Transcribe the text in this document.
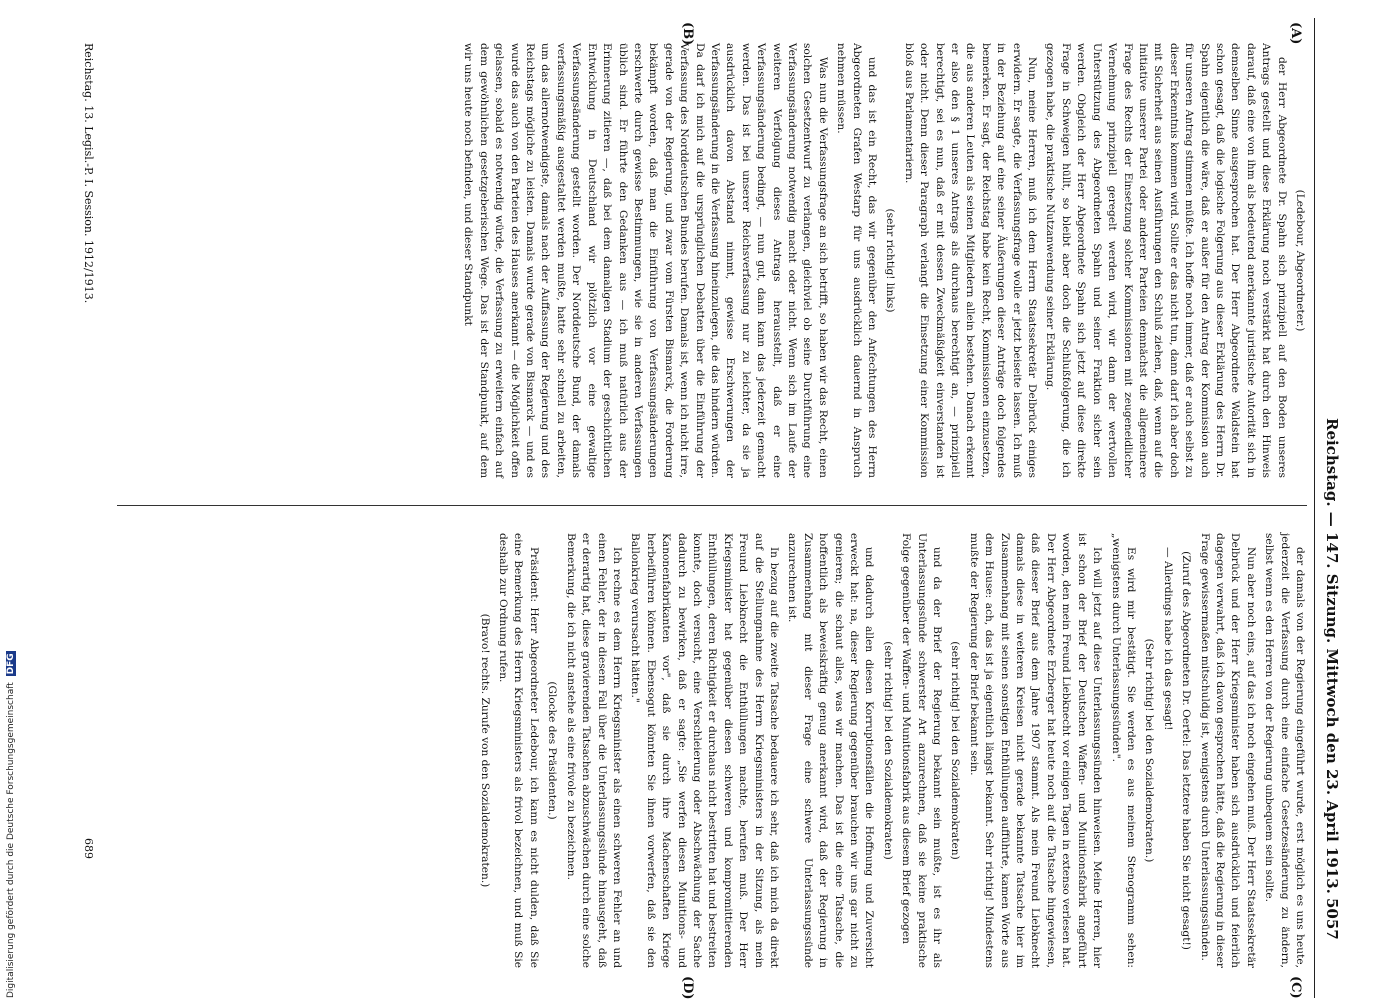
Reichstag. — 147. Sitzung. Mittwoch den 23. April 1913.
5057
(A)
(B)
(C)
(D)

(Ledebour, Abgeordneter.)

der Herr Abgeordnete Dr. Spahn sich prinzipiell auf den Boden unseres Antrags gestellt und diese Erklärung noch verstärkt hat durch den Hinweis darauf, daß eine von ihm als bedeutend anerkannte juristische Autorität sich in demselben Sinne ausgesprochen hat. Der Herr Abgeordnete Waldstein hat schon gesagt, daß die logische Folgerung aus dieser Erklärung des Herrn Dr. Spahn eigentlich die wäre, daß er außer für den Antrag der Kommission auch für unseren Antrag stimmen müßte. Ich hoffe noch immer, daß er auch selbst zu dieser Erkenntnis kommen wird. Sollte er das nicht tun, dann darf ich aber doch mit Sicherheit aus seinen Ausführungen den Schluß ziehen, daß, wenn auf die Initiative unserer Partei oder anderer Parteien demnächst die allgemeinere Frage des Rechts der Einsetzung solcher Kommissionen mit zeugeneidlicher Vernehmung prinzipiell geregelt werden wird, wir dann der wertvollen Unterstützung des Abgeordneten Spahn und seiner Fraktion sicher sein werden. Obgleich der Herr Abgeordnete Spahn sich jetzt auf diese direkte Frage in Schweigen hüllt, so bleibt aber doch die Schlußfolgerung, die ich gezogen habe, die praktische Nutzanwendung seiner Erklärung.

Nun, meine Herren, muß ich dem Herrn Staatssekretär Delbrück einiges erwidern. Er sagte, die Verfassungsfrage wolle er jetzt beiseite lassen. Ich muß in der Beziehung auf eine seiner Äußerungen dieser Anträge doch folgendes bemerken. Er sagt, der Reichstag habe kein Recht, Kommissionen einzusetzen, die aus anderen Leuten als seinen Mitgliedern allein bestehen. Danach erkennt er also den § 1 unseres Antrags als durchaus berechtigt an, — prinzipiell berechtigt, sei es nun, daß er mit dessen Zweckmäßigkeit einverstanden ist oder nicht. Denn dieser Paragraph verlangt die Einsetzung einer Kommission bloß aus Parlamentariern.

(sehr richtig! links)

und das ist ein Recht, das wir gegenüber den Anfechtungen des Herrn Abgeordneten Grafen Westarp für uns ausdrücklich dauernd in Anspruch nehmen müssen.

Was nun die Verfassungsfrage an sich betrifft, so haben wir das Recht, einen solchen Gesetzentwurf zu verlangen, gleichviel ob seine Durchführung eine Verfassungsänderung notwendig macht oder nicht. Wenn sich im Laufe der weiteren Verfolgung dieses Antrags herausstellt, daß er eine Verfassungsänderung bedingt, — nun gut, dann kann das jederzeit gemacht werden. Das ist bei unserer Reichsverfassung nur zu leichter, da sie ja ausdrücklich davon Abstand nimmt, gewisse Erschwerungen der Verfassungsänderung in die Verfassung hineinzulegen, die das hindern würden. Da darf ich mich auf die ursprünglichen Debatten über die Einführung der Verfassung des Norddeutschen Bundes berufen. Damals ist, wenn ich nicht irre, gerade von der Regierung, und zwar vom Fürsten Bismarck, die Forderung bekämpft worden, daß man die Einführung von Verfassungsänderungen erschwerte durch gewisse Bestimmungen, wie sie in anderen Verfassungen üblich sind. Er führte den Gedanken aus — ich muß natürlich aus der Erinnerung zitieren —, daß bei dem damaligen Stadium der geschichtlichen Entwicklung in Deutschland wir plötzlich vor eine gewaltige Verfassungsänderung gestellt worden. Der Norddeutsche Bund, der damals verfassungsmäßig ausgestaltet werden mußte, hatte sehr schnell zu arbeiten, um das allernotwendigste, damals nach der Auffassung der Regierung und des Reichstags mögliche zu leisten. Damals wurde gerade von Bismarck — und es wurde das auch von den Parteien des Hauses anerkannt — die Möglichkeit offen gelassen, sobald es notwendig würde, die Verfassung zu erweitern einfach auf dem gewöhnlichen gesetzgeberischen Wege. Das ist der Standpunkt, auf dem wir uns heute noch befinden, und dieser Standpunkt

der damals von der Regierung eingeführt wurde, erst möglich es uns heute, jederzeit die Verfassung durch eine einfache Gesetzesänderung zu ändern, selbst wenn es den Herren von der Regierung unbequem sein sollte.

Nun aber noch eins, auf das ich noch eingehen muß. Der Herr Staatssekretär Delbrück und der Herr Kriegsminister haben sich ausdrücklich und feierlich dagegen verwahrt, daß ich davon gesprochen hätte, daß die Regierung in dieser Frage gewissermaßen mitschuldig ist, wenigstens durch Unterlassungssünden.

(Zuruf des Abgeordneten Dr. Oertel: Das letztere haben Sie nicht gesagt!)

— Allerdings habe ich das gesagt!

(Sehr richtig! bei den Sozialdemokraten.)

Es wird mir bestätigt. Sie werden es aus meinem Stenogramm sehen: „wenigstens durch Unterlassungssünden".

Ich will jetzt auf diese Unterlassungssünden hinweisen. Meine Herren, hier ist schon der Brief der Deutschen Waffen- und Munitionsfabrik angeführt worden, den mein Freund Liebknecht vor einigen Tagen in extenso verlesen hat. Der Herr Abgeordnete Erzberger hat heute noch auf die Tatsache hingewiesen, daß dieser Brief aus dem Jahre 1907 stammt. Als mein Freund Liebknecht damals diese in weiteren Kreisen nicht gerade bekannte Tatsache hier im Zusammenhang mit seinen sonstigen Enthüllungen aufführte, kamen Worte aus dem Hause: ach, das ist ja eigentlich längst bekannt. Sehr richtig! Mindestens mußte der Regierung der Brief bekannt sein.

(sehr richtig! bei den Sozialdemokraten)

und da der Brief der Regierung bekannt sein mußte, ist es ihr als Unterlassungssünde schwerster Art anzurechnen, daß sie keine praktische Folge gegenüber der Waffen- und Munitionsfabrik aus diesem Brief gezogen

(sehr richtig! bei den Sozialdemokraten)

und dadurch allen diesen Korruptionsfällen die Hoffnung und Zuversicht erweckt hat: na, dieser Regierung gegenüber brauchen wir uns gar nicht zu genieren; die schaut alles, was wir machen. Das ist die eine Tatsache, die hoffentlich als beweiskräftig genug anerkannt wird, daß der Regierung in Zusammenhang mit dieser Frage eine schwere Unterlassungssünde anzurechnen ist.

In bezug auf die zweite Tatsache bedauere ich sehr, daß ich mich da direkt auf die Stellungnahme des Herrn Kriegsministers in der Sitzung, als mein Freund Liebknecht die Enthüllungen machte, berufen muß. Der Herr Kriegsminister hat gegenüber diesen schweren und kompromittierenden Enthüllungen, deren Richtigkeit er durchaus nicht bestritten hat und bestreiten konnte, doch versucht, eine Verschleierung oder Abschwächung der Sache dadurch zu bewirken, daß er sagte: „Sie werfen diesen Munitions- und Kanonenfabrikanten vor", daß sie durch ihre Machenschaften Kriege herbeiführen können. Ebensogut könnten Sie ihnen vorwerfen, daß sie den Ballonkrieg verursacht hätten."

Ich rechne es dem Herrn Kriegsminister als einen schweren Fehler an und einen Fehler, der in diesem Fall über die Unterlassungssünde hinausgeht, daß er derartig hat, diese gravierenden Tatsachen abzuschwächen durch eine solche Bemerkung, die ich nicht anstehe als eine frivole zu bezeichnen.

(Glocke des Präsidenten.)

Präsident: Herr Abgeordneter Ledebour, ich kann es nicht dulden, daß Sie eine Bemerkung des Herrn Kriegsministers als frivol bezeichnen, und muß Sie deshalb zur Ordnung rufen.

(Bravo! rechts. Zurufe von den Sozialdemokraten.)

Reichstag. 13. Legisl.-P. I. Session. 1912/1913.
689
Digitalisierung gefördert durch die Deutsche Forschungsgemeinschaft DFG
